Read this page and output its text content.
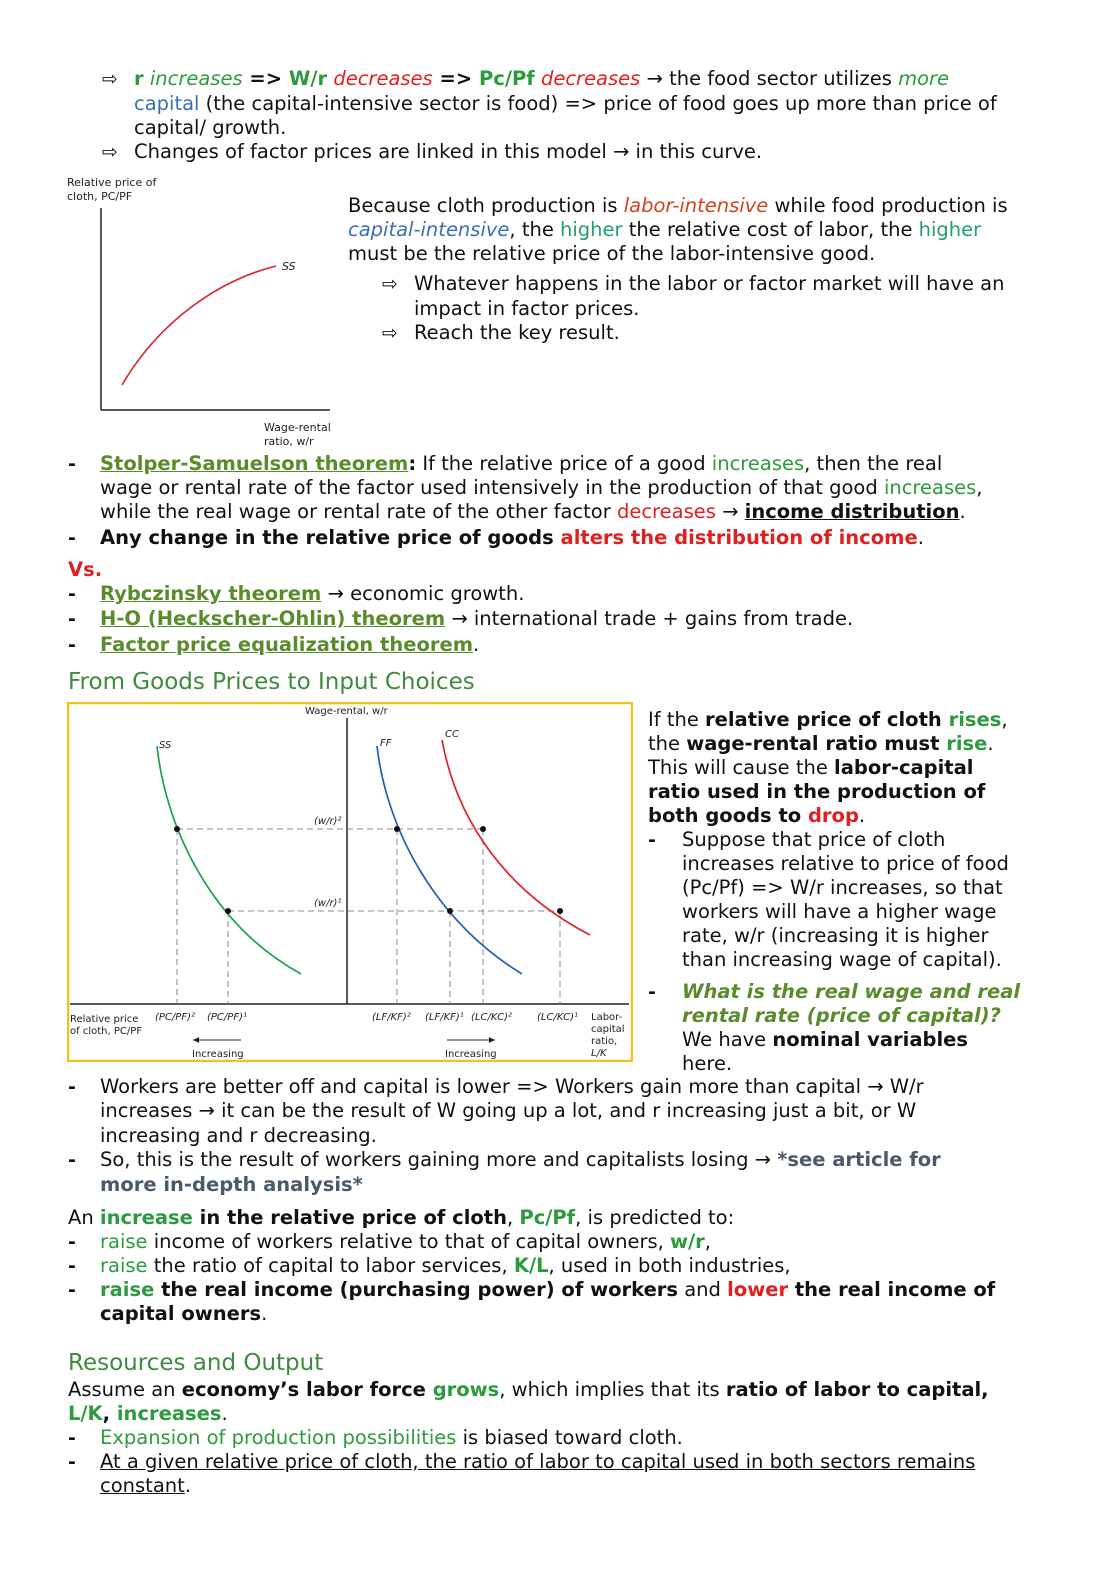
⇨ r increases => W/r decreases => Pc/Pf decreases → the food sector utilizes more
capital (the capital-intensive sector is food) => price of food goes up more than price of
capital/ growth.
⇨ Changes of factor prices are linked in this model → in this curve.
Relative price of
cloth, PC/PF
SS
Wage-rental
ratio, w/r
Because cloth production is labor-intensive while food production is
capital-intensive, the higher the relative cost of labor, the higher
must be the relative price of the labor-intensive good.
⇨ Whatever happens in the labor or factor market will have an
impact in factor prices.
⇨ Reach the key result.
- Stolper-Samuelson theorem: If the relative price of a good increases, then the real
wage or rental rate of the factor used intensively in the production of that good increases,
while the real wage or rental rate of the other factor decreases → income distribution.
- Any change in the relative price of goods alters the distribution of income.
Vs.
- Rybczinsky theorem → economic growth.
- H-O (Heckscher-Ohlin) theorem → international trade + gains from trade.
- Factor price equalization theorem.
From Goods Prices to Input Choices
Wage-rental, w/r
SS	FF
CC
(w/r)²
(w/r)¹
Relative price
of cloth, PC/PF
(PC/PF)² (PC/PF)¹	(LF/KF)² (LF/KF)¹ (LC/KC)² (LC/KC)¹ Labor-
capital
ratio,
L/K
Increasing	Increasing
If the relative price of cloth rises,
the wage-rental ratio must rise.
This will cause the labor-capital
ratio used in the production of
both goods to drop.
- Suppose that price of cloth
increases relative to price of food
(Pc/Pf) => W/r increases, so that
workers will have a higher wage
rate, w/r (increasing it is higher
than increasing wage of capital).
- What is the real wage and real
rental rate (price of capital)?
We have nominal variables
here.
- Workers are better off and capital is lower => Workers gain more than capital → W/r
increases → it can be the result of W going up a lot, and r increasing just a bit, or W
increasing and r decreasing.
- So, this is the result of workers gaining more and capitalists losing → *see article for
more in-depth analysis*
An increase in the relative price of cloth, Pc/Pf, is predicted to:
- raise income of workers relative to that of capital owners, w/r,
- raise the ratio of capital to labor services, K/L, used in both industries,
- raise the real income (purchasing power) of workers and lower the real income of
capital owners.
Resources and Output
Assume an economy’s labor force grows, which implies that its ratio of labor to capital,
L/K, increases.
- Expansion of production possibilities is biased toward cloth.
- At a given relative price of cloth, the ratio of labor to capital used in both sectors remains
constant.
